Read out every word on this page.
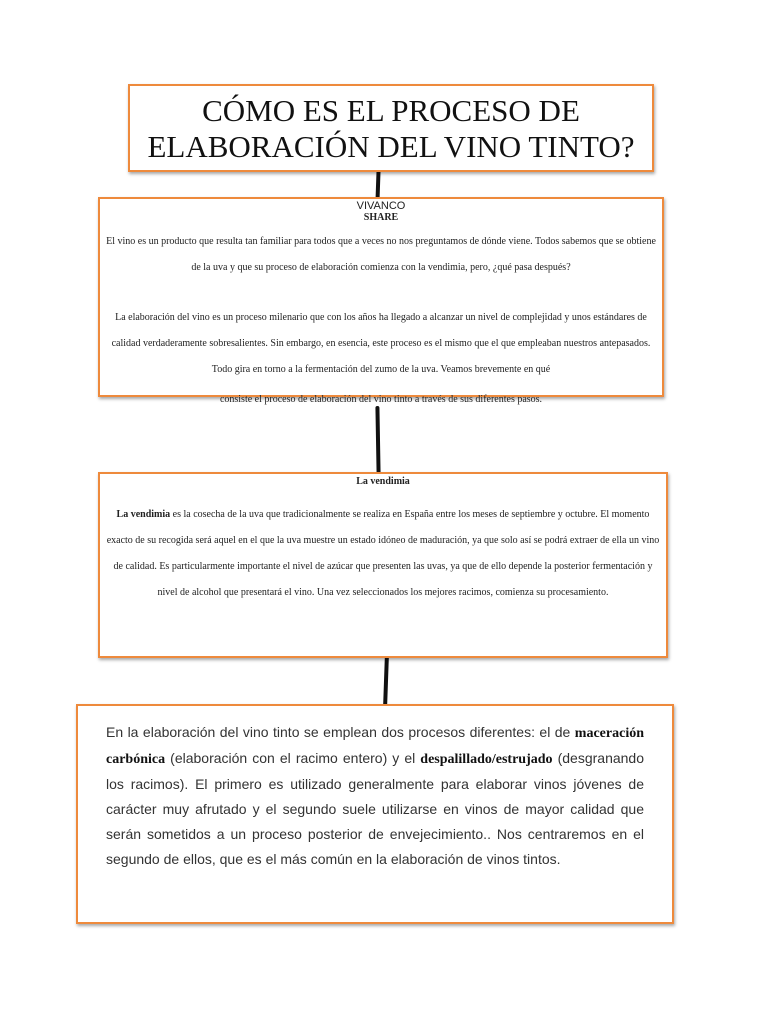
CÓMO ES EL PROCESO DE ELABORACIÓN DEL VINO TINTO?

VIVANCO

SHARE

El vino es un producto que resulta tan familiar para todos que a veces no nos preguntamos de dónde viene. Todos sabemos que se obtiene de la uva y que su proceso de elaboración comienza con la vendimia, pero, ¿qué pasa después?

La elaboración del vino es un proceso milenario que con los años ha llegado a alcanzar un nivel de complejidad y unos estándares de calidad verdaderamente sobresalientes. Sin embargo, en esencia, este proceso es el mismo que el que empleaban nuestros antepasados. Todo gira en torno a la fermentación del zumo de la uva. Veamos brevemente en qué

consiste el proceso de elaboración del vino tinto a través de sus diferentes pasos.

La vendimia

La vendimia es la cosecha de la uva que tradicionalmente se realiza en España entre los meses de septiembre y octubre. El momento exacto de su recogida será aquel en el que la uva muestre un estado idóneo de maduración, ya que solo así se podrá extraer de ella un vino de calidad. Es particularmente importante el nivel de azúcar que presenten las uvas, ya que de ello depende la posterior fermentación y nivel de alcohol que presentará el vino. Una vez seleccionados los mejores racimos, comienza su procesamiento.

En la elaboración del vino tinto se emplean dos procesos diferentes: el de maceración carbónica (elaboración con el racimo entero) y el despalillado/estrujado (desgranando los racimos). El primero es utilizado generalmente para elaborar vinos jóvenes de carácter muy afrutado y el segundo suele utilizarse en vinos de mayor calidad que serán sometidos a un proceso posterior de envejecimiento.. Nos centraremos en el segundo de ellos, que es el más común en la elaboración de vinos tintos.
